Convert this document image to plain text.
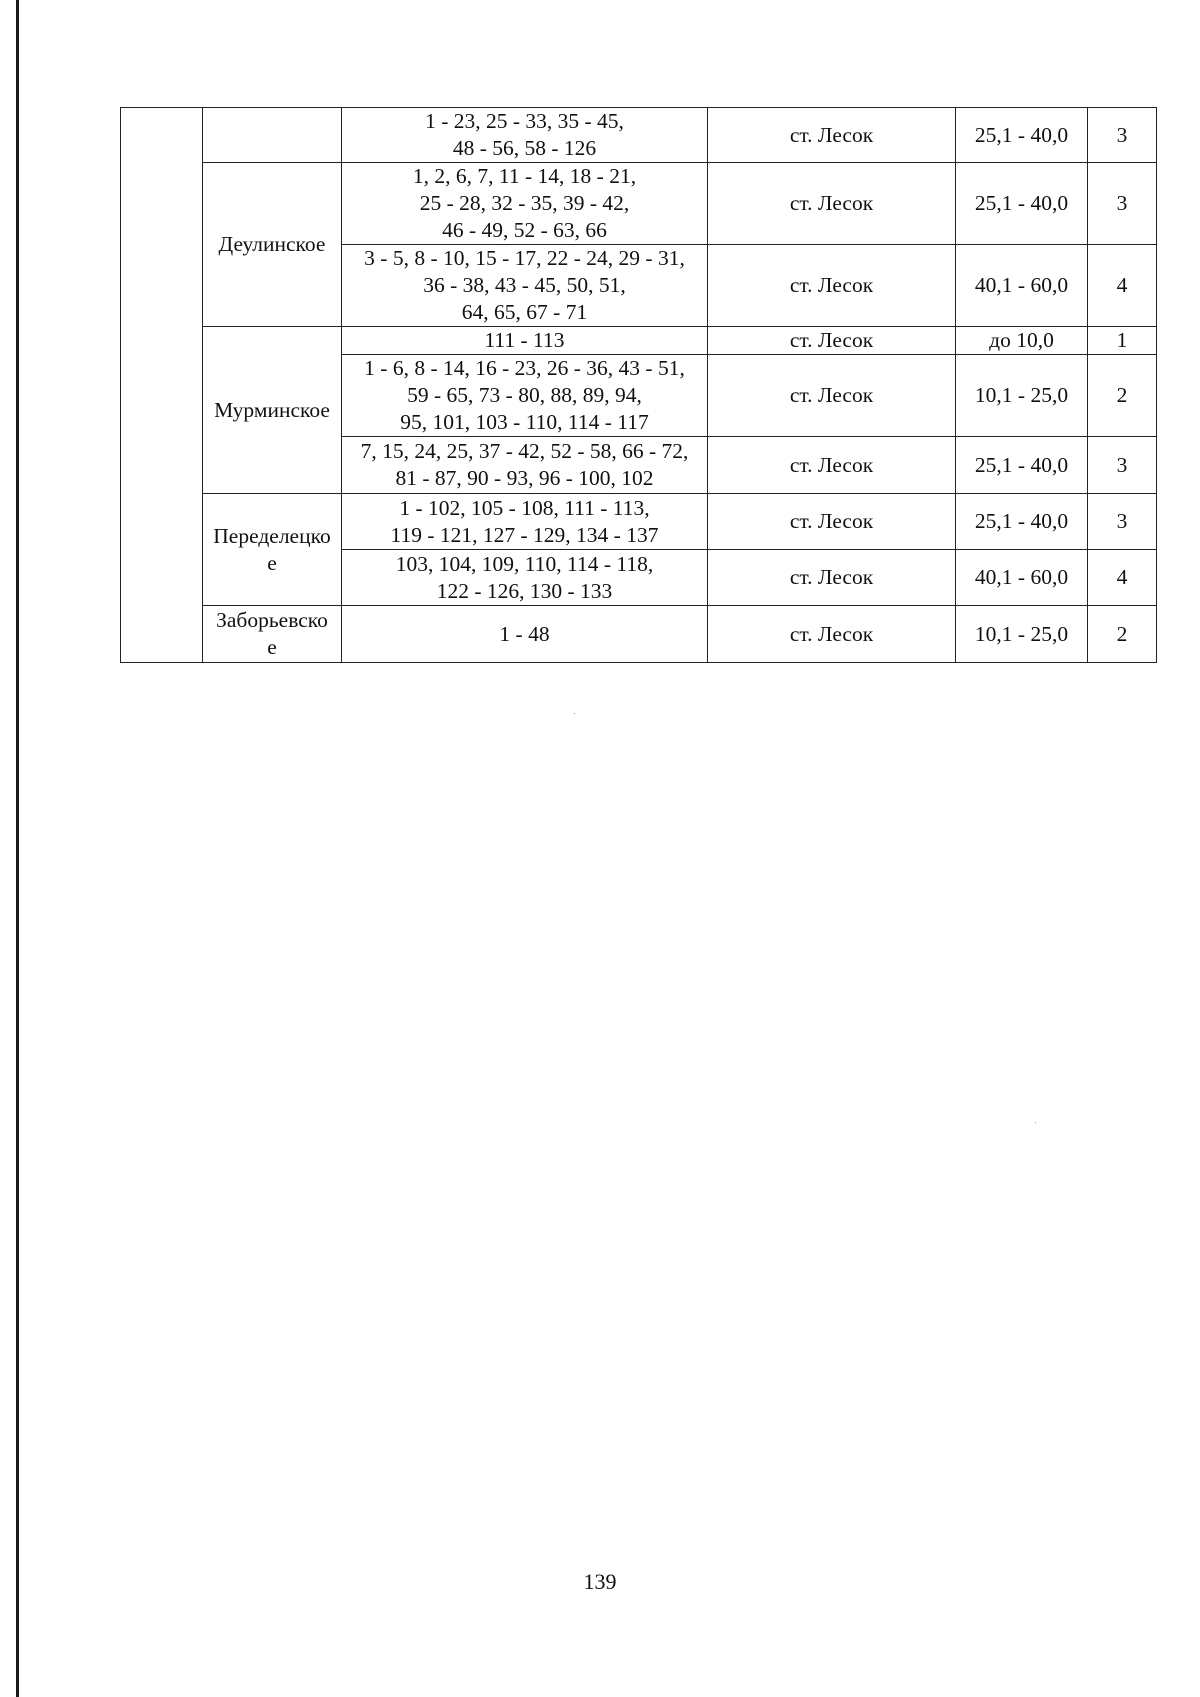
		1 - 23, 25 - 33, 35 - 45,
48 - 56, 58 - 126	ст. Лесок	25,1 - 40,0	3
	Деулинское	1, 2, 6, 7, 11 - 14, 18 - 21,
25 - 28, 32 - 35, 39 - 42,
46 - 49, 52 - 63, 66	ст. Лесок	25,1 - 40,0	3
		3 - 5, 8 - 10, 15 - 17, 22 - 24, 29 - 31,
36 - 38, 43 - 45, 50, 51,
64, 65, 67 - 71	ст. Лесок	40,1 - 60,0	4
	Мурминское	111 - 113	ст. Лесок	до 10,0	1
		1 - 6, 8 - 14, 16 - 23, 26 - 36, 43 - 51,
59 - 65, 73 - 80, 88, 89, 94,
95, 101, 103 - 110, 114 - 117	ст. Лесок	10,1 - 25,0	2
		7, 15, 24, 25, 37 - 42, 52 - 58, 66 - 72,
81 - 87, 90 - 93, 96 - 100, 102	ст. Лесок	25,1 - 40,0	3
	Переделецко
е	1 - 102, 105 - 108, 111 - 113,
119 - 121, 127 - 129, 134 - 137	ст. Лесок	25,1 - 40,0	3
		103, 104, 109, 110, 114 - 118,
122 - 126, 130 - 133	ст. Лесок	40,1 - 60,0	4
	Заборьевско
е	1 - 48	ст. Лесок	10,1 - 25,0	2
139
